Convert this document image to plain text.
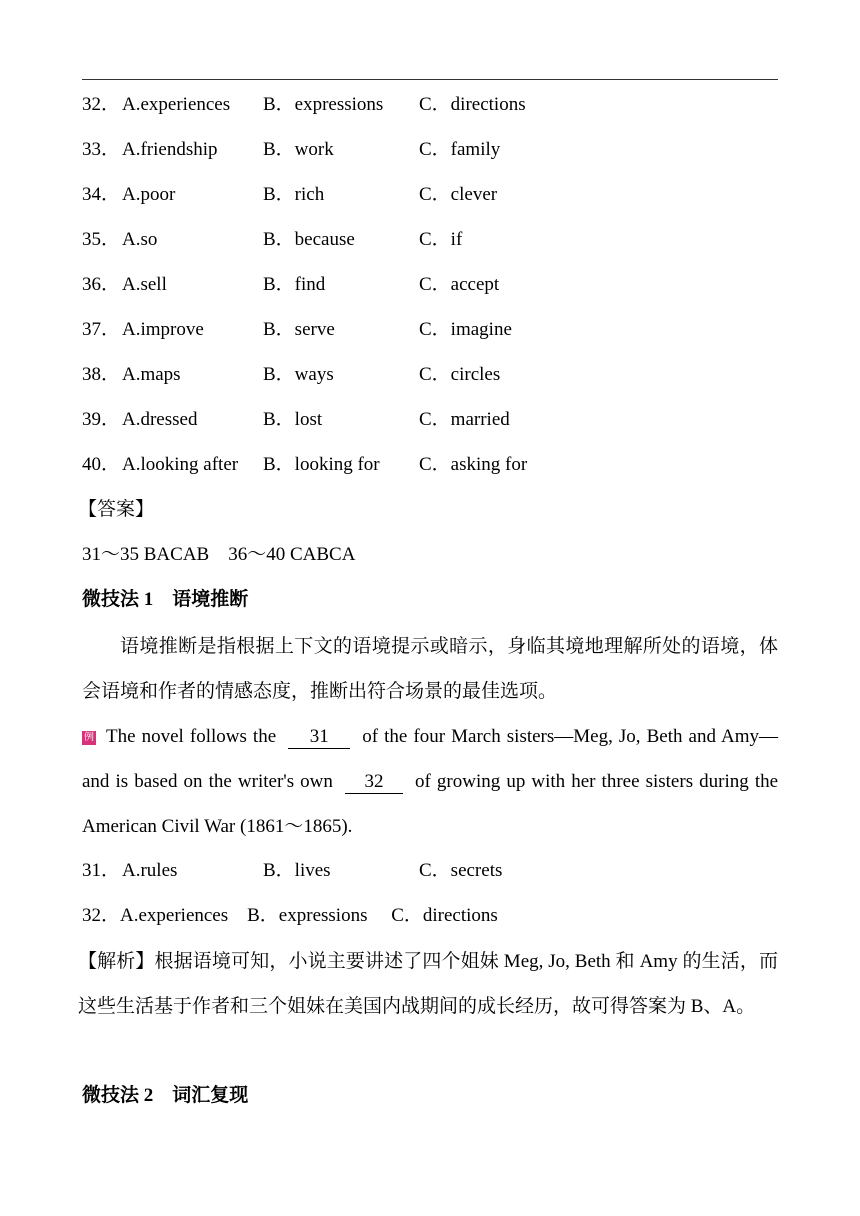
32． A.experiences B．expressions C．directions
33． A.friendship B．work	C．family
34． A.poor	B．rich	C．clever
35． A.so	B．because	C．if
36． A.sell	B．find	C．accept
37． A.improve	B．serve	C．imagine
38． A.maps	B．ways	C．circles
39． A.dressed	B．lost	C．married
40． A.looking after B．looking for C．asking for
【答案】
31～35 BACAB　36～40 CABCA
微技法 1　语境推断
语境推断是指根据上下文的语境提示或暗示，身临其境地理解所处的语境，体会语境和作者的情感态度，推断出符合场景的最佳选项。
例 The novel follows the 31 of the four March sisters—Meg, Jo, Beth and Amy—and is based on the writer's own 32 of growing up with her three sisters during the American Civil War (1861～1865).
31． A.rules	B．lives	C．secrets
32．A.experiences　B．expressions　 C．directions
【解析】根据语境可知，小说主要讲述了四个姐妹 Meg, Jo, Beth 和 Amy 的生活，而这些生活基于作者和三个姐妹在美国内战期间的成长经历，故可得答案为 B、A。
微技法 2　词汇复现
